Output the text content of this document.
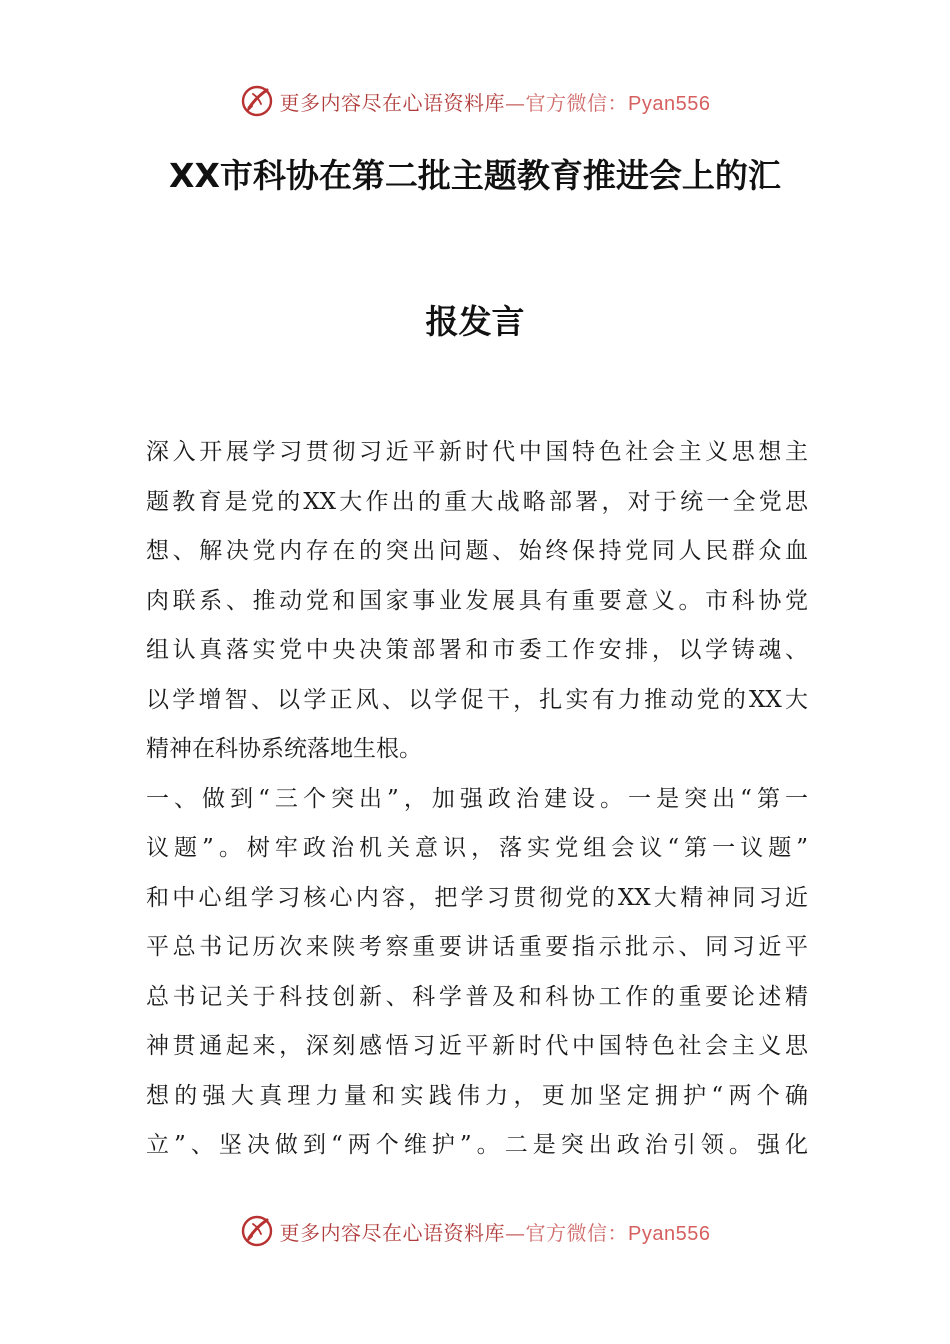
更多内容尽在心语资料库—官方微信：Pyan556
XX市科协在第二批主题教育推进会上的汇
报发言
深入开展学习贯彻习近平新时代中国特色社会主义思想主
题教育是党的XX大作出的重大战略部署，对于统一全党思
想、解决党内存在的突出问题、始终保持党同人民群众血
肉联系、推动党和国家事业发展具有重要意义。市科协党
组认真落实党中央决策部署和市委工作安排，以学铸魂、
以学增智、以学正风、以学促干，扎实有力推动党的XX大
精神在科协系统落地生根。
一、做到“三个突出”，加强政治建设。一是突出“第一
议题”。树牢政治机关意识，落实党组会议“第一议题”
和中心组学习核心内容，把学习贯彻党的XX大精神同习近
平总书记历次来陕考察重要讲话重要指示批示、同习近平
总书记关于科技创新、科学普及和科协工作的重要论述精
神贯通起来，深刻感悟习近平新时代中国特色社会主义思
想的强大真理力量和实践伟力，更加坚定拥护“两个确
立”、坚决做到“两个维护”。二是突出政治引领。强化
更多内容尽在心语资料库—官方微信：Pyan556
